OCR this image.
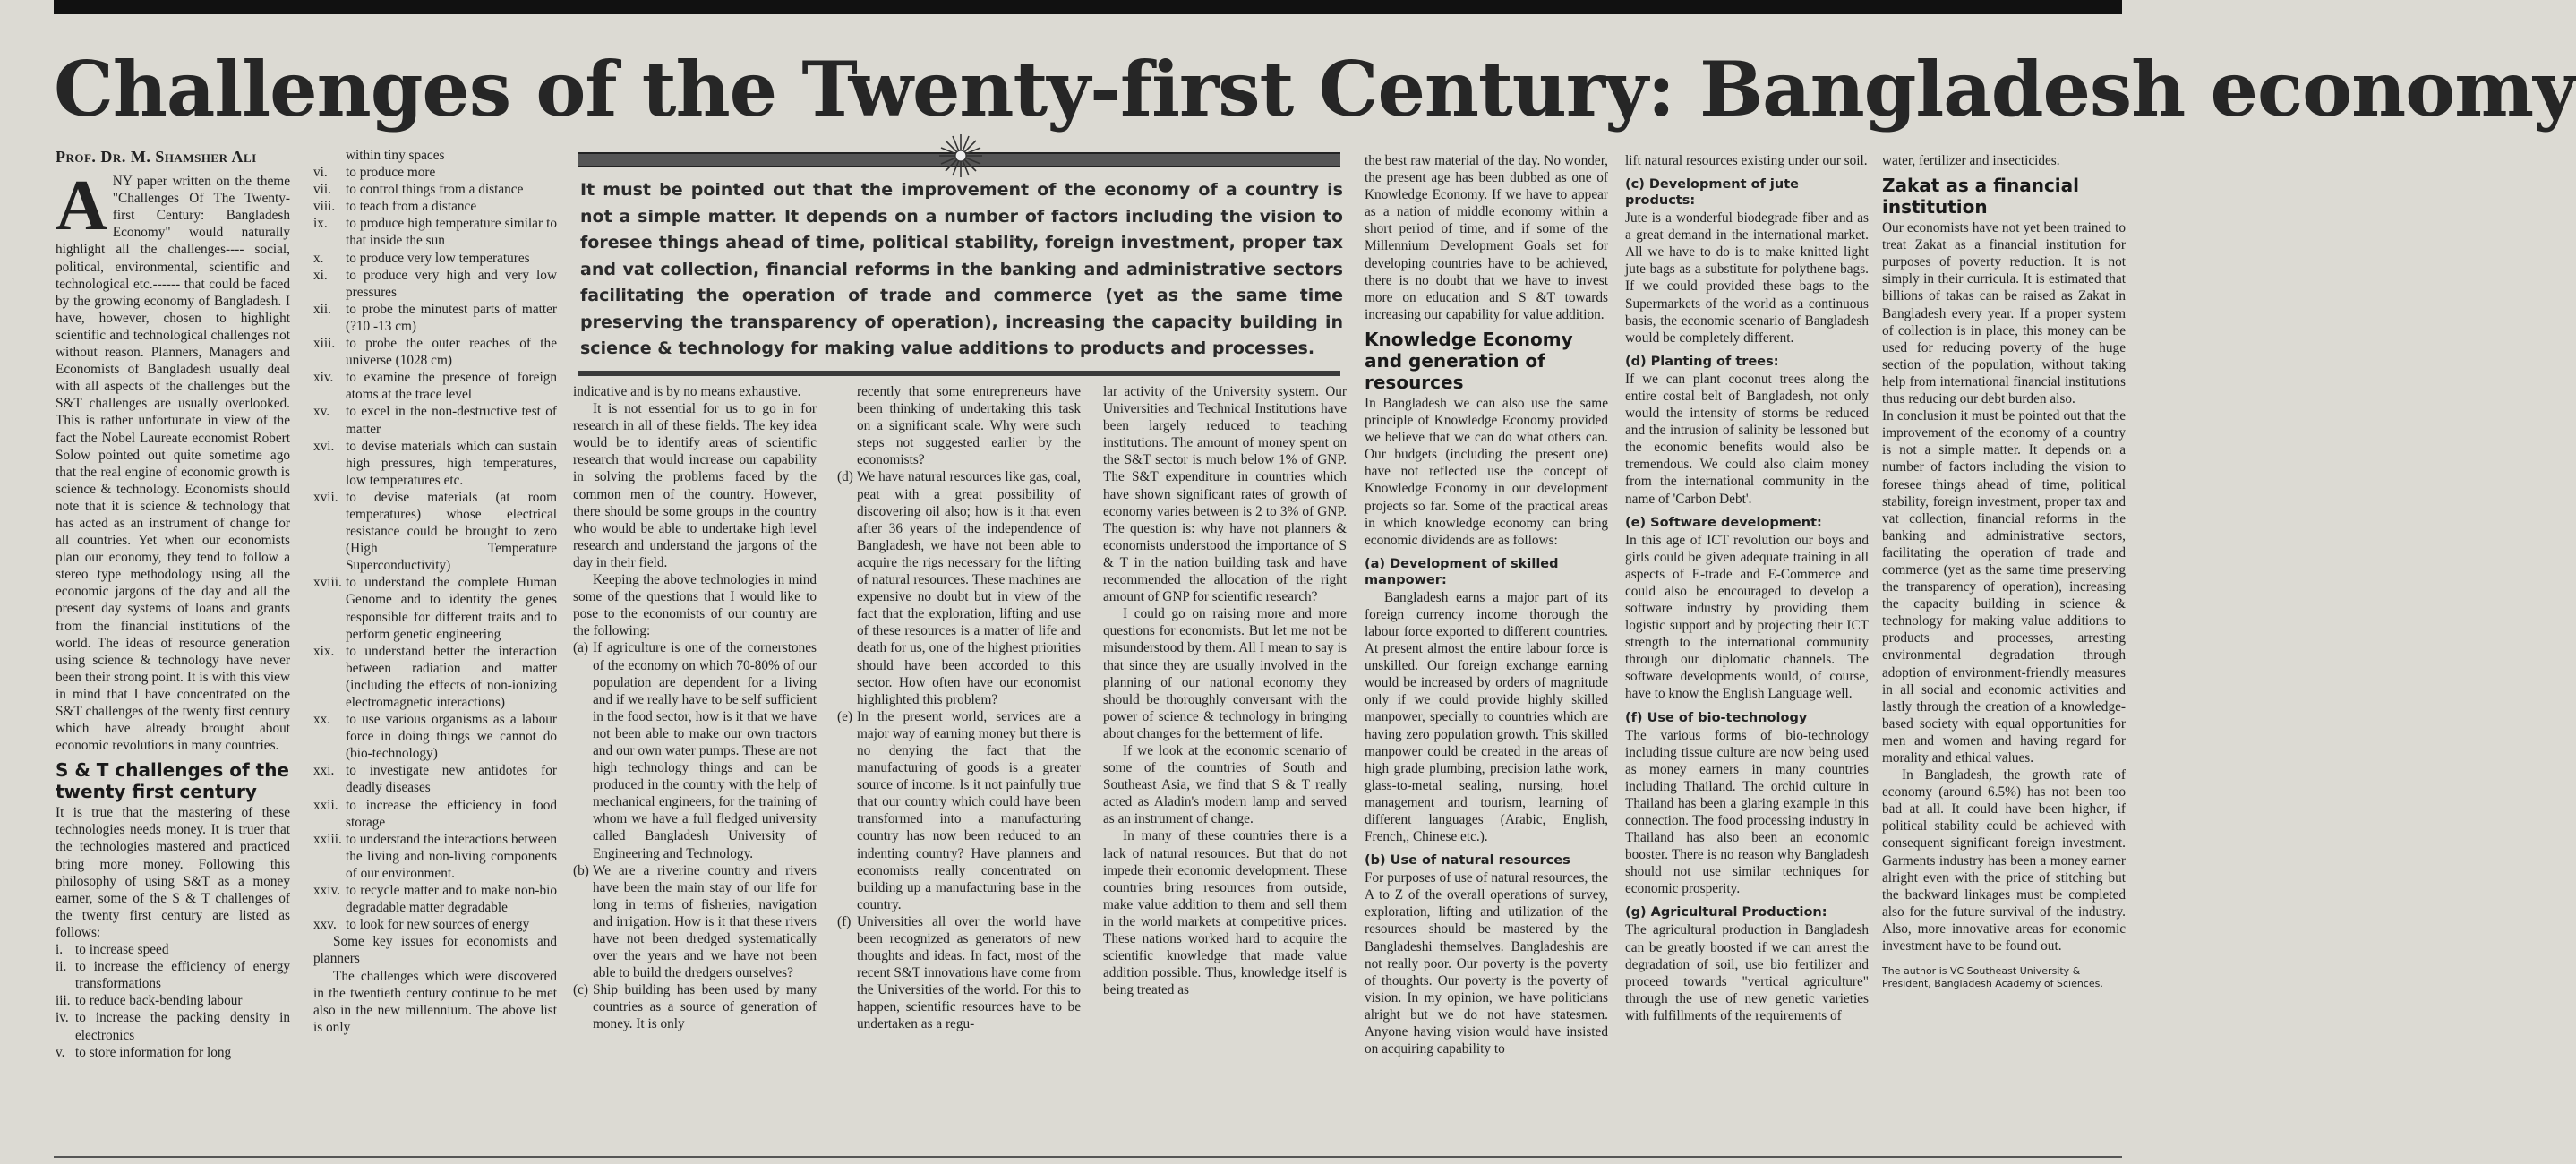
Challenges of the Twenty-first Century: Bangladesh economy

Prof. Dr. M. Shamsher Ali

ANY paper written on the theme "Challenges Of The Twenty-first Century: Bangladesh Economy" would naturally highlight all the challenges---- social, political, environmental, scientific and technological etc.------ that could be faced by the growing economy of Bangladesh. I have, however, chosen to highlight scientific and technological challenges not without reason. Planners, Managers and Economists of Bangladesh usually deal with all aspects of the challenges but the S&T challenges are usually overlooked. This is rather unfortunate in view of the fact the Nobel Laureate economist Robert Solow pointed out quite sometime ago that the real engine of economic growth is science & technology. Economists should note that it is science & technology that has acted as an instrument of change for all countries. Yet when our economists plan our economy, they tend to follow a stereo type methodology using all the economic jargons of the day and all the present day systems of loans and grants from the financial institutions of the world. The ideas of resource generation using science & technology have never been their strong point. It is with this view in mind that I have concentrated on the S&T challenges of the twenty first century which have already brought about economic revolutions in many countries.

S & T challenges of the twenty first century

It is true that the mastering of these technologies needs money. It is truer that the technologies mastered and practiced bring more money. Following this philosophy of using S&T as a money earner, some of the S & T challenges of the twenty first century are listed as follows:

i. to increase speed
ii. to increase the efficiency of energy transformations
iii. to reduce back-bending labour
iv. to increase the packing density in electronics
v. to store information for long
within tiny spaces
vi.	to produce more
vii.	to control things from a distance
viii. to teach from a distance
ix.	to produce high temperature similar to that inside the sun
x.	to produce very low temperatures
xi.	to produce very high and very low pressures
xii.	to probe the minutest parts of matter (?10 -13 cm)
xiii. to probe the outer reaches of the universe (1028 cm)
xiv. to examine the presence of foreign atoms at the trace level
xv.	to excel in the non-destructive test of matter
xvi. to devise materials which can sustain high pressures, high temperatures, low temperatures etc.
xvii. to devise materials (at room temperatures) whose electrical resistance could be brought to zero (High Temperature Superconductivity)
xviii. to understand the complete Human Genome and to identity the genes responsible for different traits and to perform genetic engineering
xix. to understand better the interaction between radiation and matter (including the effects of non-ionizing electromagnetic interactions)
xx.	to use various organisms as a labour force in doing things we cannot do (bio-technology)
xxi. to investigate new antidotes for deadly diseases
xxii. to increase the efficiency in food storage
xxiii. to understand the interactions between the living and non-living components of our environment.
xxiv. to recycle matter and to make non-bio degradable matter degradable
xxv. to look for new sources of energy

Some key issues for economists and planners

The challenges which were discovered in the twentieth century continue to be met also in the new millennium. The above list is only

It must be pointed out that the improvement of the economy of a country is not a simple matter. It depends on a number of factors including the vision to foresee things ahead of time, political stability, foreign investment, proper tax and vat collection, financial reforms in the banking and administrative sectors facilitating the operation of trade and commerce (yet as the same time preserving the transparency of operation), increasing the capacity building in science & technology for making value additions to products and processes.

indicative and is by no means exhaustive.

It is not essential for us to go in for research in all of these fields. The key idea would be to identify areas of scientific research that would increase our capability in solving the problems faced by the common men of the country. However, there should be some groups in the country who would be able to undertake high level research and understand the jargons of the day in their field.

Keeping the above technologies in mind some of the questions that I would like to pose to the economists of our country are the following:

(a) If agriculture is one of the cornerstones of the economy on which 70-80% of our population are dependent for a living and if we really have to be self sufficient in the food sector, how is it that we have not been able to make our own tractors and our own water pumps. These are not high technology things and can be produced in the country with the help of mechanical engineers, for the training of whom we have a full fledged university called Bangladesh University of Engineering and Technology.
(b) We are a riverine country and rivers have been the main stay of our life for long in terms of fisheries, navigation and irrigation. How is it that these rivers have not been dredged systematically over the years and we have not been able to build the dredgers ourselves?
(c) Ship building has been used by many countries as a source of generation of money. It is only
recently that some entrepreneurs have been thinking of undertaking this task on a significant scale. Why were such steps not suggested earlier by the economists?
(d) We have natural resources like gas, coal, peat with a great possibility of discovering oil also; how is it that even after 36 years of the independence of Bangladesh, we have not been able to acquire the rigs necessary for the lifting of natural resources. These machines are expensive no doubt but in view of the fact that the exploration, lifting and use of these resources is a matter of life and death for us, one of the highest priorities should have been accorded to this sector. How often have our economist highlighted this problem?
(e) In the present world, services are a major way of earning money but there is no denying the fact that the manufacturing of goods is a greater source of income. Is it not painfully true that our country which could have been transformed into a manufacturing country has now been reduced to an indenting country? Have planners and economists really concentrated on building up a manufacturing base in the country.
(f) Universities all over the world have been recognized as generators of new thoughts and ideas. In fact, most of the recent S&T innovations have come from the Universities of the world. For this to happen, scientific resources have to be undertaken as a regu-

lar activity of the University system. Our Universities and Technical Institutions have been largely reduced to teaching institutions. The amount of money spent on the S&T sector is much below 1% of GNP. The S&T expenditure in countries which have shown significant rates of growth of economy varies between is 2 to 3% of GNP. The question is: why have not planners & economists understood the importance of S & T in the nation building task and have recommended the allocation of the right amount of GNP for scientific research?

I could go on raising more and more questions for economists. But let me not be misunderstood by them. All I mean to say is that since they are usually involved in the planning of our national economy they should be thoroughly conversant with the power of science & technology in bringing about changes for the betterment of life.

If we look at the economic scenario of some of the countries of South and Southeast Asia, we find that S & T really acted as Aladin's modern lamp and served as an instrument of change.

In many of these countries there is a lack of natural resources. But that do not impede their economic development. These countries bring resources from outside, make value addition to them and sell them in the world markets at competitive prices. These nations worked hard to acquire the scientific knowledge that made value addition possible. Thus, knowledge itself is being treated as

the best raw material of the day. No wonder, the present age has been dubbed as one of Knowledge Economy. If we have to appear as a nation of middle economy within a short period of time, and if some of the Millennium Development Goals set for developing countries have to be achieved, there is no doubt that we have to invest more on education and S &T towards increasing our capability for value addition.

Knowledge Economy and generation of resources

In Bangladesh we can also use the same principle of Knowledge Economy provided we believe that we can do what others can. Our budgets (including the present one) have not reflected use the concept of Knowledge Economy in our development projects so far. Some of the practical areas in which knowledge economy can bring economic dividends are as follows:

(a) Development of skilled manpower:

Bangladesh earns a major part of its foreign currency income thorough the labour force exported to different countries. At present almost the entire labour force is unskilled. Our foreign exchange earning would be increased by orders of magnitude only if we could provide highly skilled manpower, specially to countries which are having zero population growth. This skilled manpower could be created in the areas of high grade plumbing, precision lathe work, glass-to-metal sealing, nursing, hotel management and tourism, learning of different languages (Arabic, English, French,, Chinese etc.).

(b) Use of natural resources

For purposes of use of natural resources, the A to Z of the overall operations of survey, exploration, lifting and utilization of the resources should be mastered by the Bangladeshi themselves. Bangladeshis are not really poor. Our poverty is the poverty of thoughts. Our poverty is the poverty of vision. In my opinion, we have politicians alright but we do not have statesmen. Anyone having vision would have insisted on acquiring capability to

lift natural resources existing under our soil.

(c) Development of jute products:

Jute is a wonderful biodegrade fiber and as a great demand in the international market. All we have to do is to make knitted light jute bags as a substitute for polythene bags. If we could provided these bags to the Supermarkets of the world as a continuous basis, the economic scenario of Bangladesh would be completely different.

(d) Planting of trees:

If we can plant coconut trees along the entire costal belt of Bangladesh, not only would the intensity of storms be reduced and the intrusion of salinity be lessoned but the economic benefits would also be tremendous. We could also claim money from the international community in the name of 'Carbon Debt'.

(e) Software development:

In this age of ICT revolution our boys and girls could be given adequate training in all aspects of E-trade and E-Commerce and could also be encouraged to develop a software industry by providing them logistic support and by projecting their ICT strength to the international community through our diplomatic channels. The software developments would, of course, have to know the English Language well.

(f) Use of bio-technology

The various forms of bio-technology including tissue culture are now being used as money earners in many countries including Thailand. The orchid culture in Thailand has been a glaring example in this connection. The food processing industry in Thailand has also been an economic booster. There is no reason why Bangladesh should not use similar techniques for economic prosperity.

(g) Agricultural Production:

The agricultural production in Bangladesh can be greatly boosted if we can arrest the degradation of soil, use bio fertilizer and proceed towards "vertical agriculture" through the use of new genetic varieties with fulfillments of the requirements of

water, fertilizer and insecticides.

Zakat as a financial institution

Our economists have not yet been trained to treat Zakat as a financial institution for purposes of poverty reduction. It is not simply in their curricula. It is estimated that billions of takas can be raised as Zakat in Bangladesh every year. If a proper system of collection is in place, this money can be used for reducing poverty of the huge section of the population, without taking help from international financial institutions thus reducing our debt burden also.

In conclusion it must be pointed out that the improvement of the economy of a country is not a simple matter. It depends on a number of factors including the vision to foresee things ahead of time, political stability, foreign investment, proper tax and vat collection, financial reforms in the banking and administrative sectors, facilitating the operation of trade and commerce (yet as the same time preserving the transparency of operation), increasing the capacity building in science & technology for making value additions to products and processes, arresting environmental degradation through adoption of environment-friendly measures in all social and economic activities and lastly through the creation of a knowledge-based society with equal opportunities for men and women and having regard for morality and ethical values.

In Bangladesh, the growth rate of economy (around 6.5%) has not been too bad at all. It could have been higher, if political stability could be achieved with consequent significant foreign investment. Garments industry has been a money earner alright even with the price of stitching but the backward linkages must be completed also for the future survival of the industry. Also, more innovative areas for economic investment have to be found out.

The author is VC Southeast University & President, Bangladesh Academy of Sciences.
